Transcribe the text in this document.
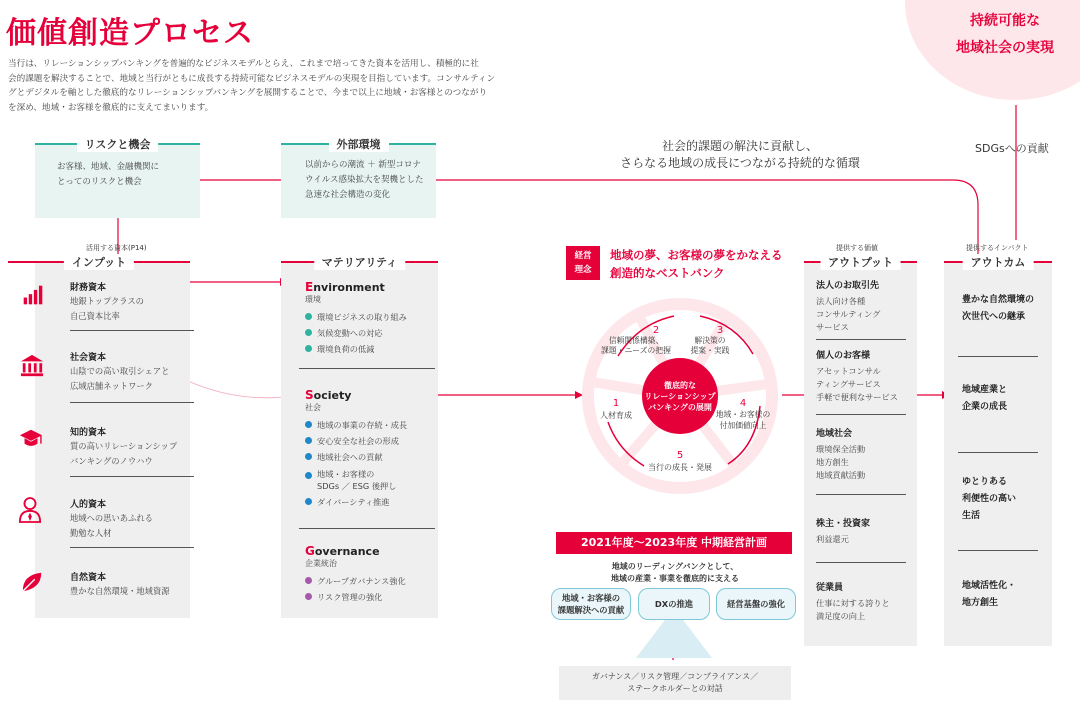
価値創造プロセス
当行は、リレーションシップバンキングを普遍的なビジネスモデルとらえ、これまで培ってきた資本を活用し、積極的に社
会的課題を解決することで、地域と当行がともに成長する持続可能なビジネスモデルの実現を目指しています。コンサルティン
グとデジタルを軸とした徹底的なリレーションシップバンキングを展開することで、今まで以上に地域・お客様とのつながり
を深め、地域・お客様を徹底的に支えてまいります。
持続可能な
地域社会の実現
SDGsへの貢献
社会的課題の解決に貢献し、
さらなる地域の成長につながる持続的な循環
リスクと機会
お客様、地域、金融機関に
とってのリスクと機会
外部環境
以前からの潮流 ＋ 新型コロナ
ウイルス感染拡大を契機とした
急速な社会構造の変化
活用する資本(P14)
インプット
財務資本
地銀トップクラスの
自己資本比率
社会資本
山陰での高い取引シェアと
広域店舗ネットワーク
知的資本
質の高いリレーションシップ
バンキングのノウハウ
人的資本
地域への思いあふれる
勤勉な人材
自然資本
豊かな自然環境・地域資源
マテリアリティ
Environment
環境
環境ビジネスの取り組み
気候変動への対応
環境負荷の低減
Society
社会
地域の事業の存続・成長
安心安全な社会の形成
地域社会への貢献
地域・お客様の
SDGs ／ ESG 後押し
ダイバーシティ推進
Governance
企業統治
グループガバナンス強化
リスク管理の強化
経営理念
地域の夢、お客様の夢をかなえる
創造的なベストバンク
徹底的な
リレーションシップ
バンキングの展開
1
人材育成
2
信頼関係構築、
課題・ニーズの把握
3
解決策の
提案・実践
4
地域・お客様の
付加価値向上
5
当行の成長・発展
2021年度〜2023年度 中期経営計画
地域のリーディングバンクとして、
地域の産業・事業を徹底的に支える
地域・お客様の
課題解決への貢献
DXの推進	経営基盤の強化
ガバナンス／リスク管理／コンプライアンス／
ステークホルダーとの対話
提供する価値
アウトプット
法人のお取引先
法人向け各種
コンサルティング
サービス
個人のお客様
アセットコンサル
ティングサービス
手軽で便利なサービス
地域社会
環境保全活動
地方創生
地域貢献活動
株主・投資家
利益還元
従業員
仕事に対する誇りと
満足度の向上
提供するインパクト
アウトカム
豊かな自然環境の
次世代への継承
地域産業と
企業の成長
ゆとりある
利便性の高い
生活
地域活性化・
地方創生
